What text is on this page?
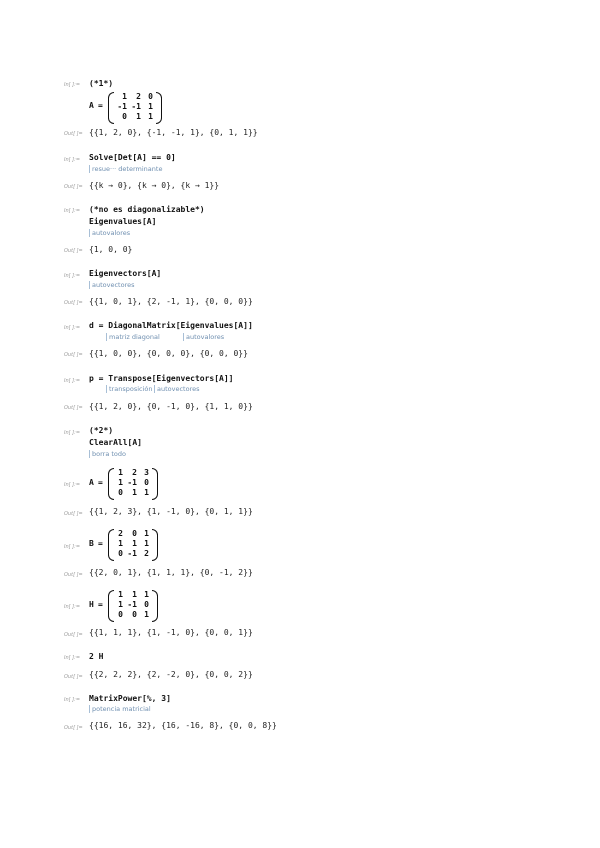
In[ ]:=	(*1*)
A =
1	2 0
-1 -1 1
0	1 1
Out[ ]= {{1, 2, 0}, {-1, -1, 1}, {0, 1, 1}}
In[ ]:=	Solve[Det[A] == 0]
resue··· determinante
Out[ ]= {{k → 0}, {k → 0}, {k → 1}}
In[ ]:=	(*no es diagonalizable*)
Eigenvalues[A]
autovalores
Out[ ]= {1, 0, 0}
In[ ]:=	Eigenvectors[A]
autovectores
Out[ ]= {{1, 0, 1}, {2, -1, 1}, {0, 0, 0}}
In[ ]:=	d = DiagonalMatrix[Eigenvalues[A]]
matriz diagonal	autovalores
Out[ ]= {{1, 0, 0}, {0, 0, 0}, {0, 0, 0}}
In[ ]:=	p = Transpose[Eigenvectors[A]]
transposición autovectores
Out[ ]= {{1, 2, 0}, {0, -1, 0}, {1, 1, 0}}
In[ ]:=	(*2*)
ClearAll[A]
borra todo
In[ ]:=	A =
1	2 3
1 -1 0
0	1 1
Out[ ]= {{1, 2, 3}, {1, -1, 0}, {0, 1, 1}}
In[ ]:=	B =
2	0 1
1	1 1
0 -1 2
Out[ ]= {{2, 0, 1}, {1, 1, 1}, {0, -1, 2}}
In[ ]:=	H =
1	1 1
1 -1 0
0	0 1
Out[ ]= {{1, 1, 1}, {1, -1, 0}, {0, 0, 1}}
In[ ]:=	2 H
Out[ ]= {{2, 2, 2}, {2, -2, 0}, {0, 0, 2}}
In[ ]:=	MatrixPower[%, 3]
potencia matricial
Out[ ]= {{16, 16, 32}, {16, -16, 8}, {0, 0, 8}}
